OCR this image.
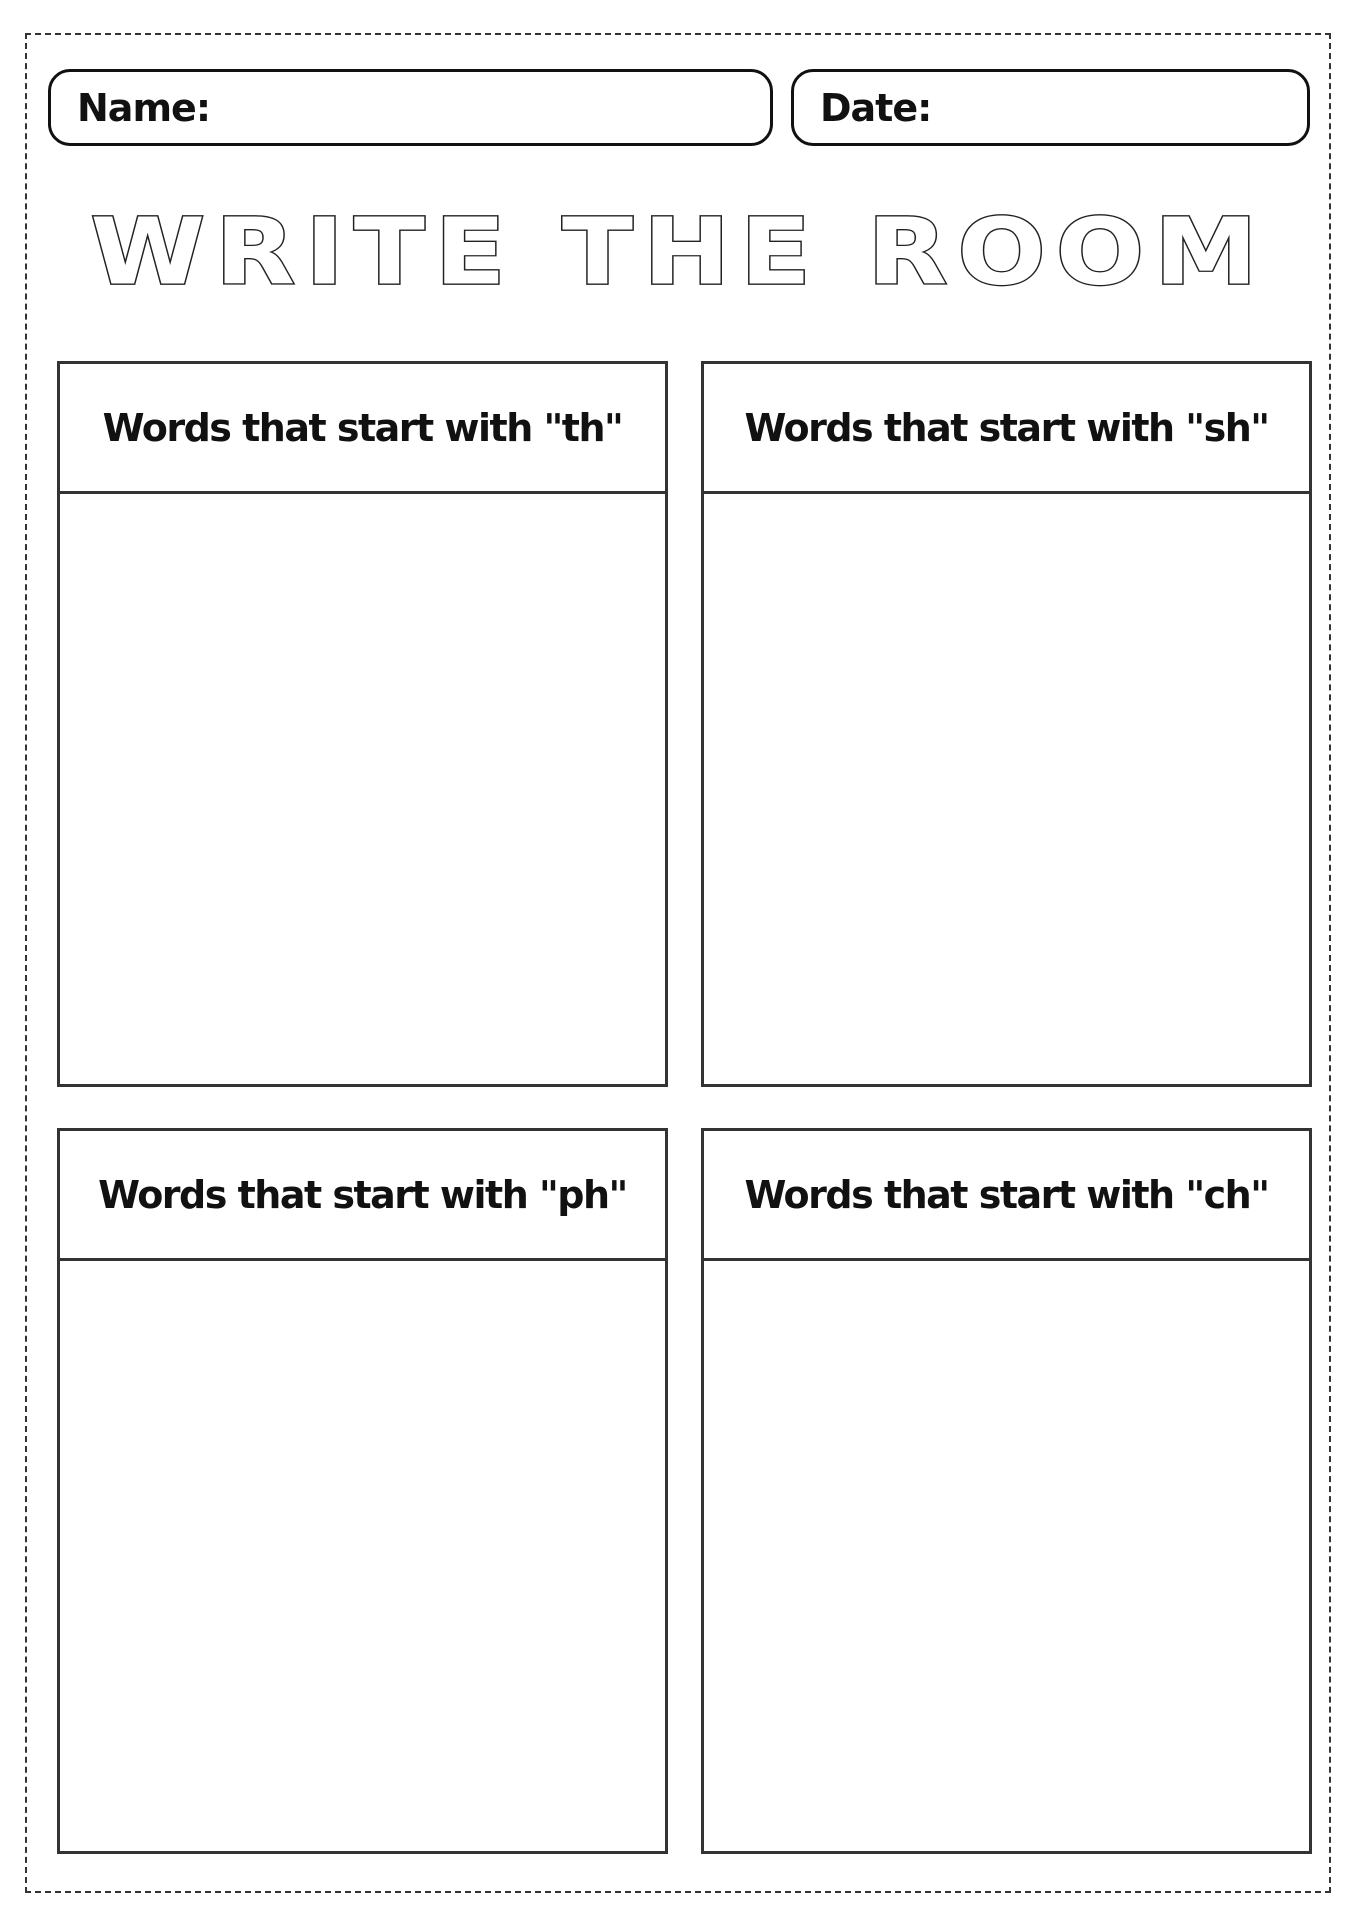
Name:	Date:
WRITE THE ROOM
Words that start with "th"	Words that start with "sh"
Words that start with "ph"	Words that start with "ch"
